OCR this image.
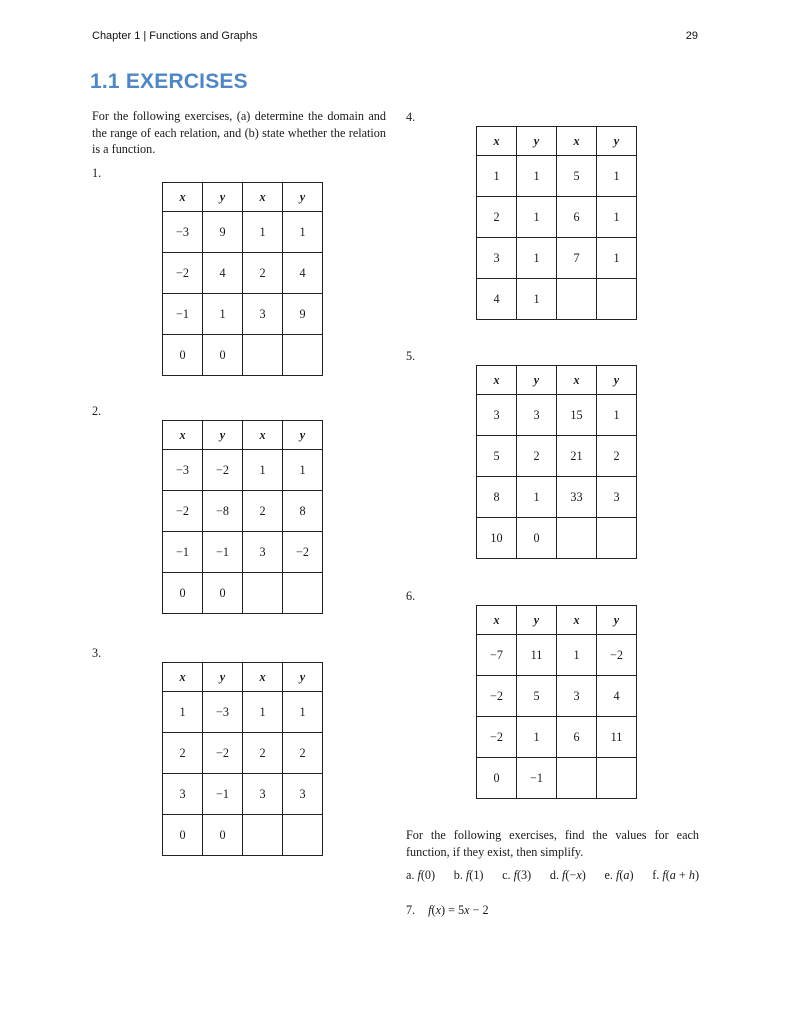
Chapter 1 | Functions and Graphs	29
1.1 EXERCISES

For the following exercises, (a) determine the domain and the range of each relation, and (b) state whether the relation is a function.

1.
x	y	x	y
−3	9	1	1
−2	4	2	4
−1	1	3	9
0	0		
2.
x	y	x	y
−3	−2	1	1
−2	−8	2	8
−1	−1	3	−2
0	0		
3.
x	y	x	y
1	−3	1	1
2	−2	2	2
3	−1	3	3
0	0		
4.
x	y	x	y
1	1	5	1
2	1	6	1
3	1	7	1
4	1		
5.
x	y	x	y
3	3	15	1
5	2	21	2
8	1	33	3
10	0		
6.
x	y	x	y
−7	11	1	−2
−2	5	3	4
−2	1	6	11
0	−1		

For the following exercises, find the values for each function, if they exist, then simplify.

a. f(0) b. f(1) c. f(3) d. f(−x) e. f(a) f. f(a + h)

7. f(x) = 5x − 2
